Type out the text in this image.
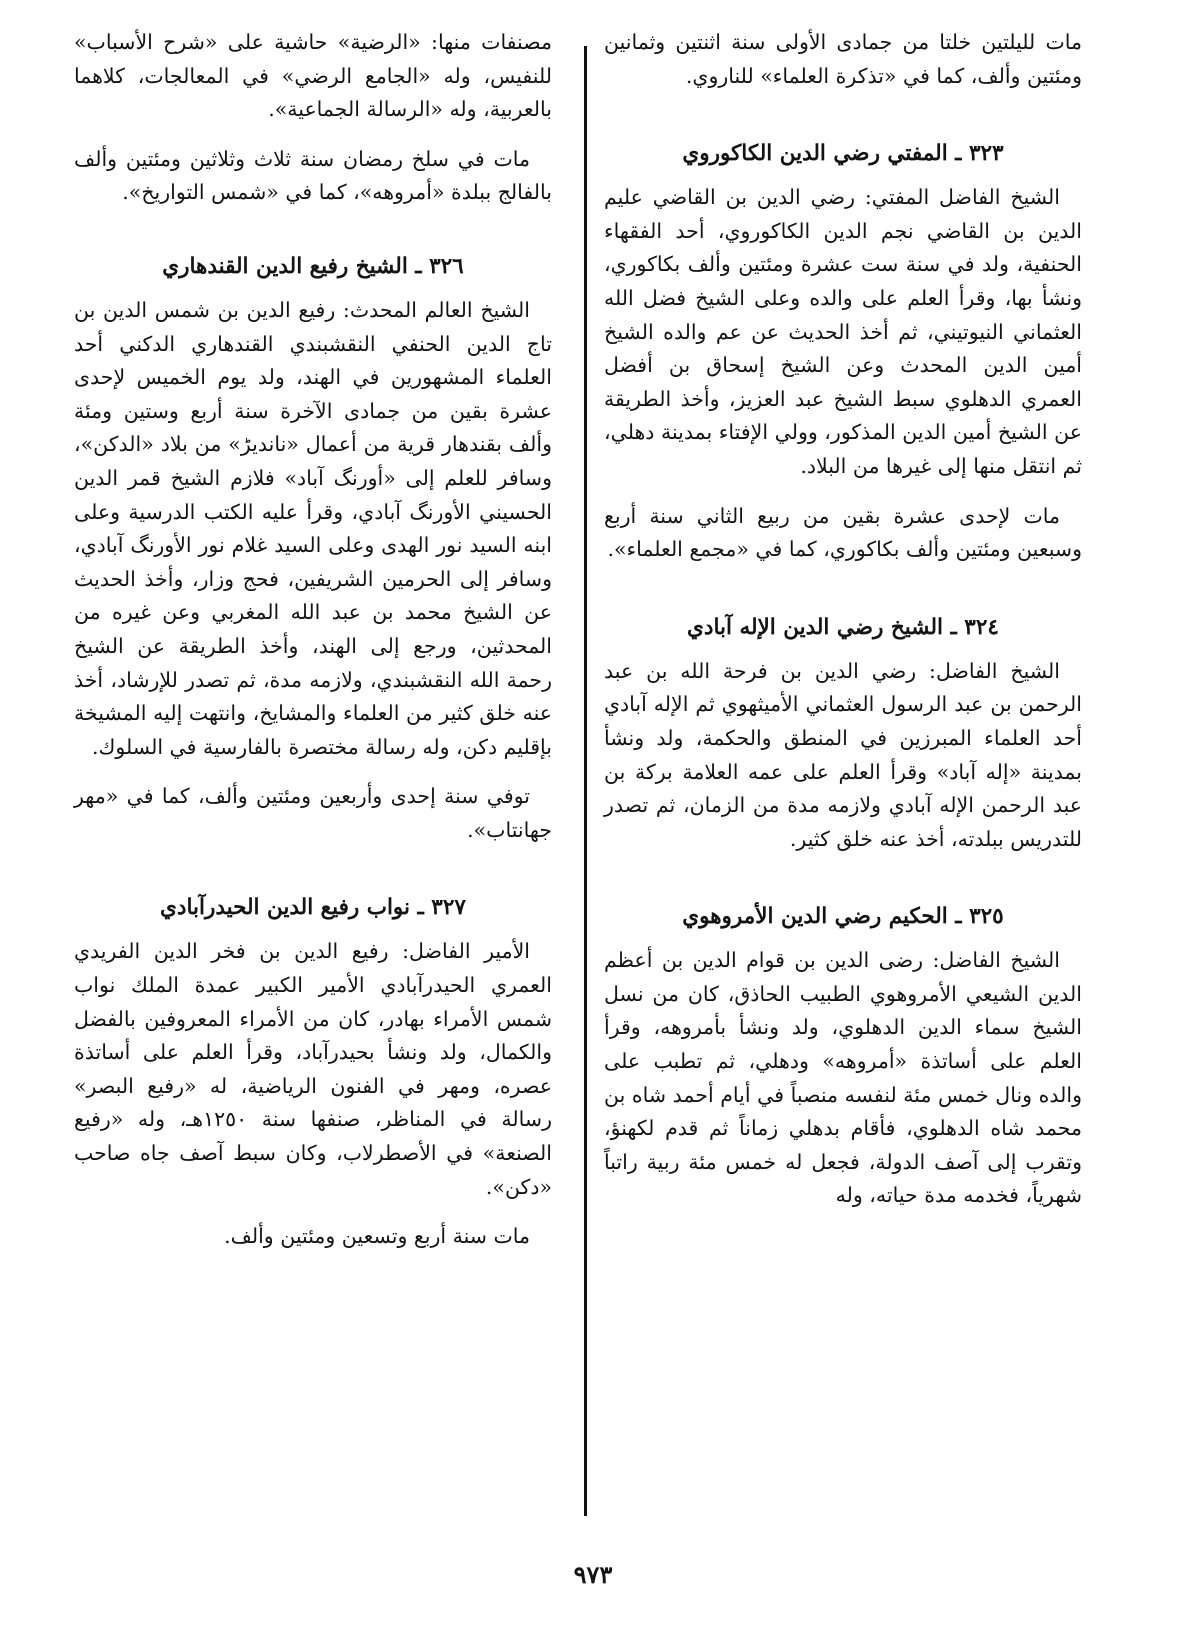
مات لليلتين خلتا من جمادى الأولى سنة اثنتين وثمانين ومئتين وألف، كما في «تذكرة العلماء» للناروي.

٣٢٣ ـ المفتي رضي الدين الكاكوروي

الشيخ الفاضل المفتي: رضي الدين بن القاضي عليم الدين بن القاضي نجم الدين الكاكوروي، أحد الفقهاء الحنفية، ولد في سنة ست عشرة ومئتين وألف بكاكوري، ونشأ بها، وقرأ العلم على والده وعلى الشيخ فضل الله العثماني النيوتيني، ثم أخذ الحديث عن عم والده الشيخ أمين الدين المحدث وعن الشيخ إسحاق بن أفضل العمري الدهلوي سبط الشيخ عبد العزيز، وأخذ الطريقة عن الشيخ أمين الدين المذكور، وولي الإفتاء بمدينة دهلي، ثم انتقل منها إلى غيرها من البلاد.

مات لإحدى عشرة بقين من ربيع الثاني سنة أربع وسبعين ومئتين وألف بكاكوري، كما في «مجمع العلماء».

٣٢٤ ـ الشيخ رضي الدين الإله آبادي

الشيخ الفاضل: رضي الدين بن فرحة الله بن عبد الرحمن بن عبد الرسول العثماني الأميثهوي ثم الإله آبادي أحد العلماء المبرزين في المنطق والحكمة، ولد ونشأ بمدينة «إله آباد» وقرأ العلم على عمه العلامة بركة بن عبد الرحمن الإله آبادي ولازمه مدة من الزمان، ثم تصدر للتدريس ببلدته، أخذ عنه خلق كثير.

٣٢٥ ـ الحكيم رضي الدين الأمروهوي

الشيخ الفاضل: رضى الدين بن قوام الدين بن أعظم الدين الشيعي الأمروهوي الطبيب الحاذق، كان من نسل الشيخ سماء الدين الدهلوي، ولد ونشأ بأمروهه، وقرأ العلم على أساتذة «أمروهه» ودهلي، ثم تطبب على والده ونال خمس مئة لنفسه منصباً في أيام أحمد شاه بن محمد شاه الدهلوي، فأقام بدهلي زماناً ثم قدم لكهنؤ، وتقرب إلى آصف الدولة، فجعل له خمس مئة ربية راتباً شهرياً، فخدمه مدة حياته، وله

مصنفات منها: «الرضية» حاشية على «شرح الأسباب» للنفيس، وله «الجامع الرضي» في المعالجات، كلاهما بالعربية، وله «الرسالة الجماعية».

مات في سلخ رمضان سنة ثلاث وثلاثين ومئتين وألف بالفالج ببلدة «أمروهه»، كما في «شمس التواريخ».

٣٢٦ ـ الشيخ رفيع الدين القندهاري

الشيخ العالم المحدث: رفيع الدين بن شمس الدين بن تاج الدين الحنفي النقشبندي القندهاري الدكني أحد العلماء المشهورين في الهند، ولد يوم الخميس لإحدى عشرة بقين من جمادى الآخرة سنة أربع وستين ومئة وألف بقندهار قرية من أعمال «نانديڑ» من بلاد «الدكن»، وسافر للعلم إلى «أورنگ آباد» فلازم الشيخ قمر الدين الحسيني الأورنگ آبادي، وقرأ عليه الكتب الدرسية وعلى ابنه السيد نور الهدى وعلى السيد غلام نور الأورنگ آبادي، وسافر إلى الحرمين الشريفين، فحج وزار، وأخذ الحديث عن الشيخ محمد بن عبد الله المغربي وعن غيره من المحدثين، ورجع إلى الهند، وأخذ الطريقة عن الشيخ رحمة الله النقشبندي، ولازمه مدة، ثم تصدر للإرشاد، أخذ عنه خلق كثير من العلماء والمشايخ، وانتهت إليه المشيخة بإقليم دكن، وله رسالة مختصرة بالفارسية في السلوك.

توفي سنة إحدى وأربعين ومئتين وألف، كما في «مهر جهانتاب».

٣٢٧ ـ نواب رفيع الدين الحيدرآبادي

الأمير الفاضل: رفيع الدين بن فخر الدين الفريدي العمري الحيدرآبادي الأمير الكبير عمدة الملك نواب شمس الأمراء بهادر، كان من الأمراء المعروفين بالفضل والكمال، ولد ونشأ بحيدرآباد، وقرأ العلم على أساتذة عصره، ومهر في الفنون الرياضية، له «رفيع البصر» رسالة في المناظر، صنفها سنة ١٢٥٠هـ، وله «رفيع الصنعة» في الأصطرلاب، وكان سبط آصف جاه صاحب «دكن».

مات سنة أربع وتسعين ومئتين وألف.

٩٧٣
